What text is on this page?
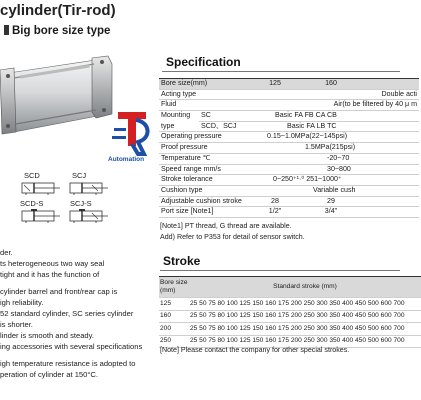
cylinder(Tir-rod)
Big bore size type
Automation
SCD	SCJ
SCD-S	SCJ-S
der.
ts heterogeneous two way seal
tight and it has the function of
cylinder barrel and front/rear cap is
igh reliability.
52 standard cylinder, SC series cylinder
is shorter.
linder is smooth and steady.
ing accessories with several specifications
igh temperature resistance is adopted to
peration of cylinder at 150°C.
Specification
Bore size(mm)		125	160	
Acting type		Double acti		
Fluid		Air(to be filtered by 40 μ m		
Mounting	SC	Basic FA FB CA CB		
type	SCD、SCJ	Basic FA LB TC		
Operating pressure		0.15~1.0MPa(22~145psi)		
Proof pressure		1.5MPa(215psi)		
Temperature ℃		-20~70		
Speed range mm/s		30~800		
Stroke tolerance		0~250⁺¹·⁰ 251~1000⁺		
Cushion type		Variable cush		
Adjustable cushion stroke		28	29	
Port size [Note1]		1/2"	3/4"	
[Note1] PT thread, G thread are available.
Add) Refer to P353 for detail of sensor switch.
Stroke
Bore size
(mm)	Standard stroke (mm)
125	25 50 75 80 100 125 150 160 175 200 250 300 350 400 450 500 600 700
160	25 50 75 80 100 125 150 160 175 200 250 300 350 400 450 500 600 700
200	25 50 75 80 100 125 150 160 175 200 250 300 350 400 450 500 600 700
250	25 50 75 80 100 125 150 160 175 200 250 300 350 400 450 500 600 700
[Note] Please contact the company for other special strokes.
